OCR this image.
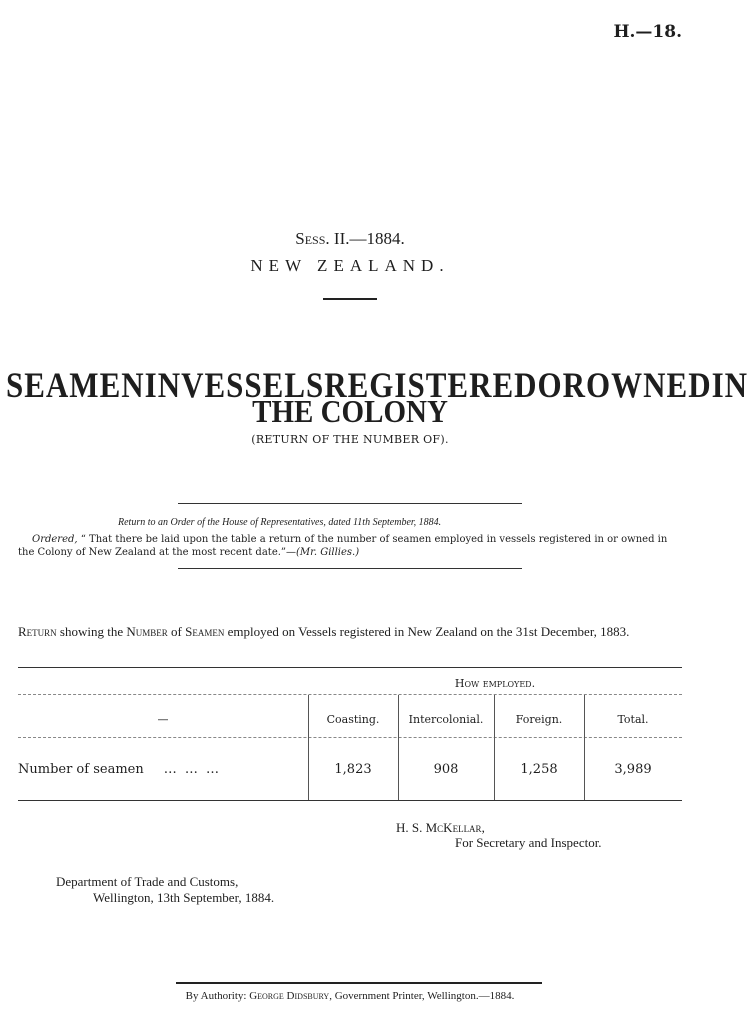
H.—18.
Sess. II.—1884.
NEW ZEALAND.
SEAMEN IN VESSELS REGISTERED OR OWNED IN
THE COLONY
(RETURN OF THE NUMBER OF).
Return to an Order of the House of Representatives, dated 11th September, 1884.
Ordered, “ That there be laid upon the table a return of the number of seamen employed in vessels registered in or owned in the Colony of New Zealand at the most recent date.”—(Mr. Gillies.)
Return showing the Number of Seamen employed on Vessels registered in New Zealand on the 31st December, 1883.
How employed.
—	Coasting.	Intercolonial.	Foreign.	Total.
Number of seamen … … …	1,823	908	1,258	3,989
H. S. McKellar,
For Secretary and Inspector.
Department of Trade and Customs,
Wellington, 13th September, 1884.
By Authority: George Didsbury, Government Printer, Wellington.—1884.
